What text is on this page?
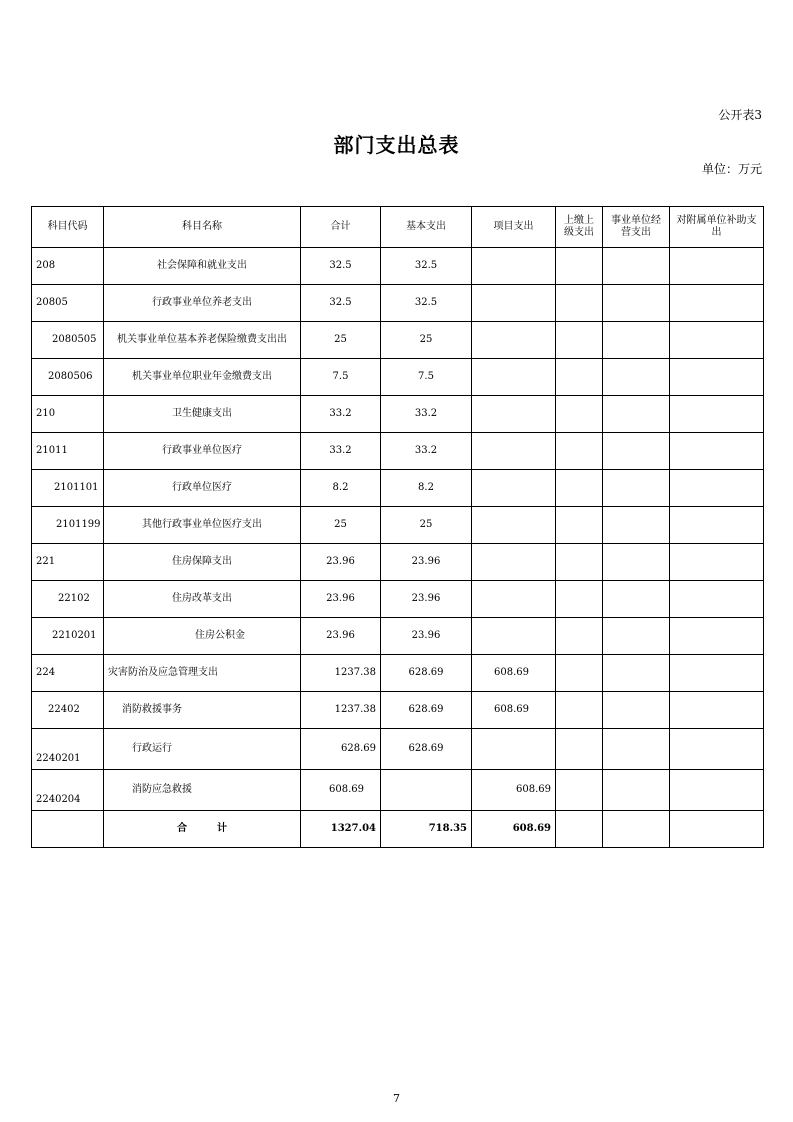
公开表3
部门支出总表
单位：万元
科目代码	科目名称	合计	基本支出	项目支出	上缴上级支出	事业单位经营支出	对附属单位补助支出
208	社会保障和就业支出	32.5	32.5				
20805	行政事业单位养老支出	32.5	32.5				
2080505	机关事业单位基本养老保险缴费支出出	25	25				
2080506	机关事业单位职业年金缴费支出	7.5	7.5				
210	卫生健康支出	33.2	33.2				
21011	行政事业单位医疗	33.2	33.2				
2101101	行政单位医疗	8.2	8.2				
2101199	其他行政事业单位医疗支出	25	25				
221	住房保障支出	23.96	23.96				
22102	住房改革支出	23.96	23.96				
2210201	住房公积金	23.96	23.96				
224	灾害防治及应急管理支出	1237.38	628.69	608.69			
22402	消防救援事务	1237.38	628.69	608.69			
2240201	行政运行	628.69	628.69				
2240204	消防应急救援	608.69		608.69			
	合　　　计	1327.04	718.35	608.69			
7
